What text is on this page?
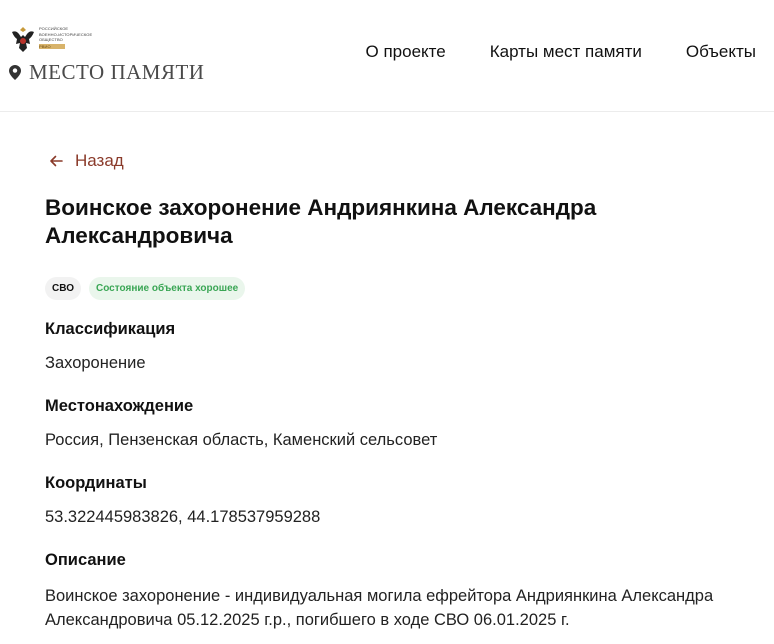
РОССИЙСКОЕ
ВОЕННО-ИСТОРИЧЕСКОЕ
ОБЩЕСТВО
РВИО
МЕСТО ПАМЯТИ
О проекте	Карты мест памяти	Объекты
Назад
Воинское захоронение Андриянкина Александра Александровича
СВО	Состояние объекта хорошее
Классификация
Захоронение
Местонахождение
Россия, Пензенская область, Каменский сельсовет
Координаты
53.322445983826, 44.178537959288
Описание
Воинское захоронение - индивидуальная могила ефрейтора Андриянкина Александра Александровича 05.12.2025 г.р., погибшего в ходе СВО 06.01.2025 г.
